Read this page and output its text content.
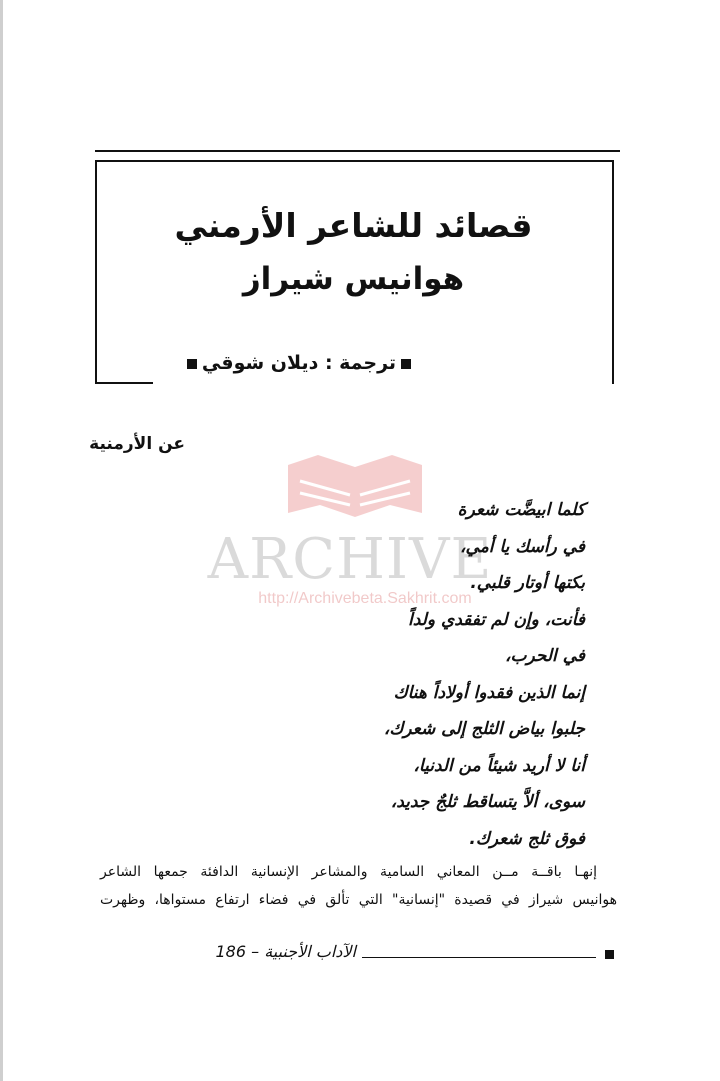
قصائد للشاعر الأرمني
هوانيس شيراز
ترجمة : ديلان شوقي
عن الأرمنية
ARCHIVE
http://Archivebeta.Sakhrit.com
كلما ابيضَّت شعرة
في رأسك يا أمي،
بكتها أوتار قلبي.
فأنت، وإن لم تفقدي ولداً
في الحرب،
إنما الذين فقدوا أولاداً هناك
جلبوا بياض الثلج إلى شعرك،
أنا لا أريد شيئاً من الدنيا،
سوى، ألاَّ يتساقط ثلجٌ جديد،
فوق ثلج شعرك.
إنهـا باقــة مــن المعاني السامية والمشاعر الإنسانية الدافئة جمعها الشاعر
هوانيس شيراز في قصيدة "إنسانية" التي تألق في فضاء ارتفاع مستواها، وظهرت
الآداب الأجنبية – 186
